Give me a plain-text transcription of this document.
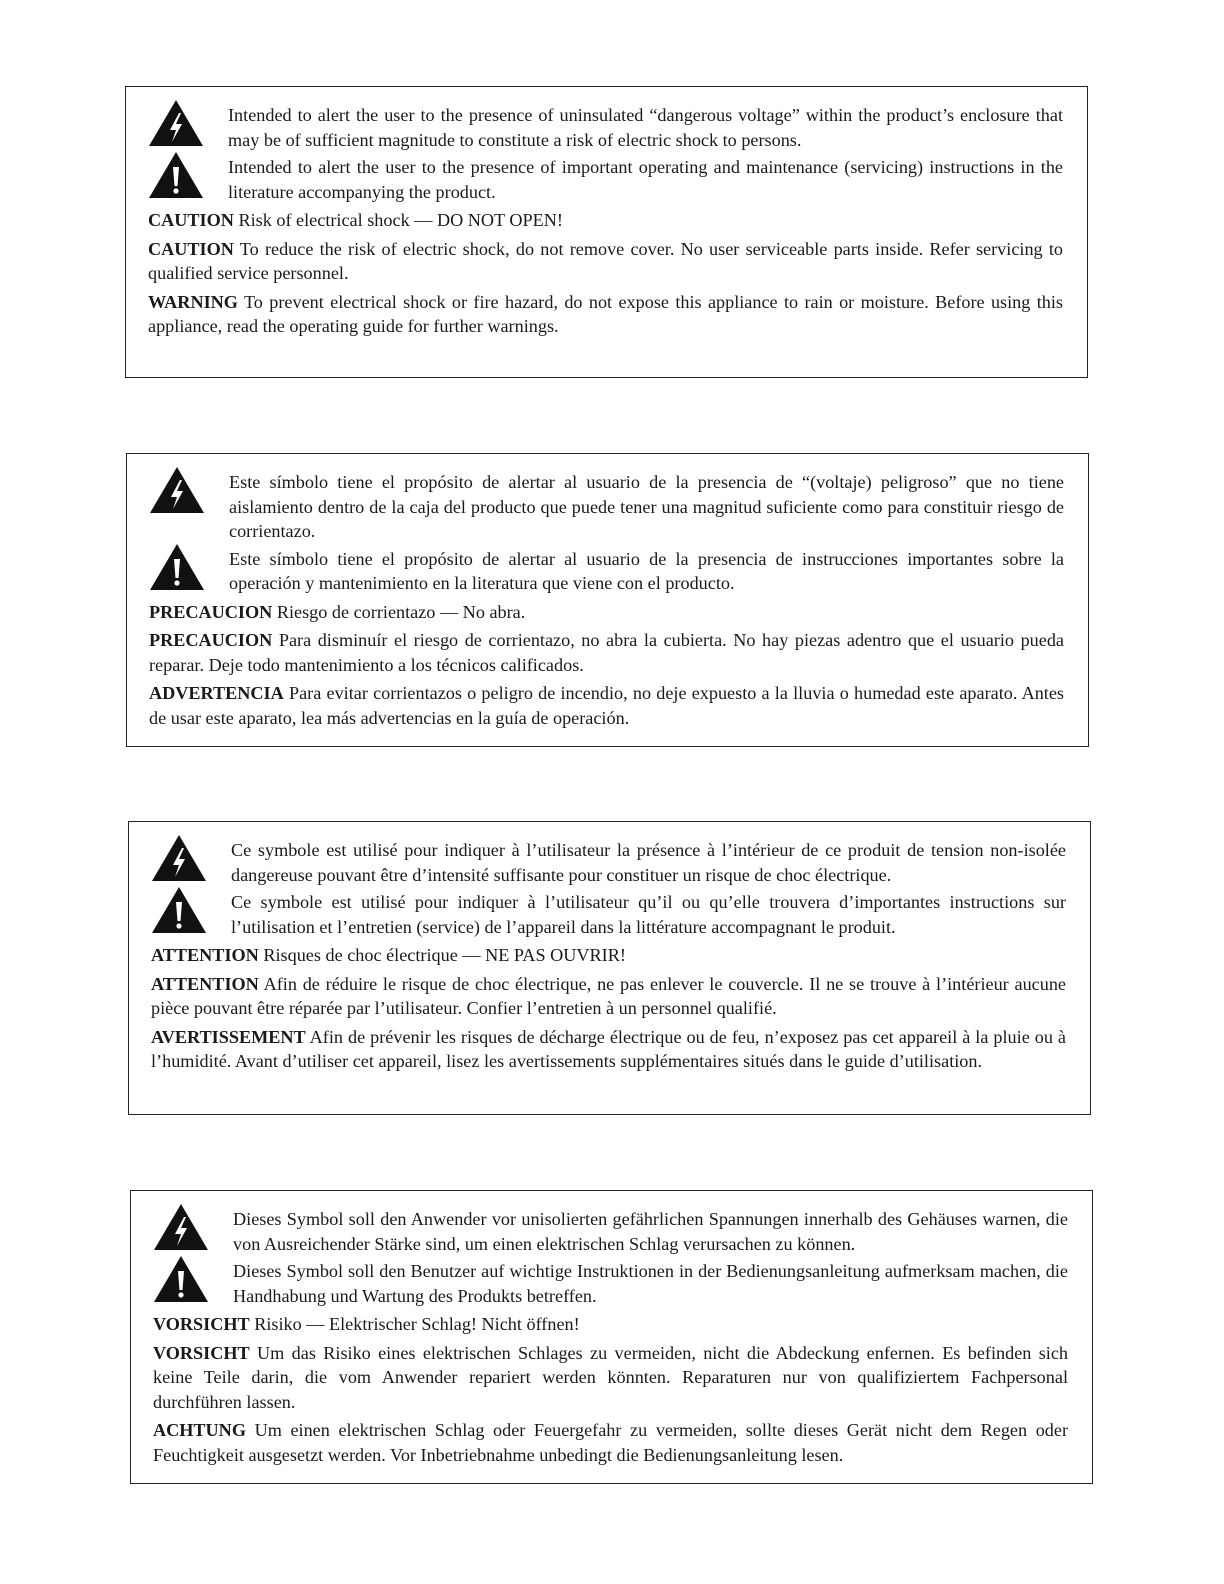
Intended to alert the user to the presence of uninsulated “dangerous voltage” within the product’s enclosure that may be of sufficient magnitude to constitute a risk of electric shock to persons.
Intended to alert the user to the presence of important operating and maintenance (servicing) instructions in the literature accompanying the product.
CAUTION Risk of electrical shock — DO NOT OPEN!
CAUTION To reduce the risk of electric shock, do not remove cover. No user serviceable parts inside. Refer servicing to qualified service personnel.
WARNING To prevent electrical shock or fire hazard, do not expose this appliance to rain or moisture. Before using this appliance, read the operating guide for further warnings.
Este símbolo tiene el propósito de alertar al usuario de la presencia de “(voltaje) peligroso” que no tiene aislamiento dentro de la caja del producto que puede tener una magnitud suficiente como para constituir riesgo de corrientazo.
Este símbolo tiene el propósito de alertar al usuario de la presencia de instrucciones importantes sobre la operación y mantenimiento en la literatura que viene con el producto.
PRECAUCION Riesgo de corrientazo — No abra.
PRECAUCION Para disminuír el riesgo de corrientazo, no abra la cubierta. No hay piezas adentro que el usuario pueda reparar. Deje todo mantenimiento a los técnicos calificados.
ADVERTENCIA Para evitar corrientazos o peligro de incendio, no deje expuesto a la lluvia o humedad este aparato. Antes de usar este aparato, lea más advertencias en la guía de operación.
Ce symbole est utilisé pour indiquer à l’utilisateur la présence à l’intérieur de ce produit de tension non-isolée dangereuse pouvant être d’intensité suffisante pour constituer un risque de choc électrique.
Ce symbole est utilisé pour indiquer à l’utilisateur qu’il ou qu’elle trouvera d’importantes instructions sur l’utilisation et l’entretien (service) de l’appareil dans la littérature accompagnant le produit.
ATTENTION Risques de choc électrique — NE PAS OUVRIR!
ATTENTION Afin de réduire le risque de choc électrique, ne pas enlever le couvercle. Il ne se trouve à l’intérieur aucune pièce pouvant être réparée par l’utilisateur. Confier l’entretien à un personnel qualifié.
AVERTISSEMENT Afin de prévenir les risques de décharge électrique ou de feu, n’exposez pas cet appareil à la pluie ou à l’humidité. Avant d’utiliser cet appareil, lisez les avertissements supplémentaires situés dans le guide d’utilisation.
Dieses Symbol soll den Anwender vor unisolierten gefährlichen Spannungen innerhalb des Gehäuses warnen, die von Ausreichender Stärke sind, um einen elektrischen Schlag verursachen zu können.
Dieses Symbol soll den Benutzer auf wichtige Instruktionen in der Bedienungsanleitung aufmerksam machen, die Handhabung und Wartung des Produkts betreffen.
VORSICHT Risiko — Elektrischer Schlag! Nicht öffnen!
VORSICHT Um das Risiko eines elektrischen Schlages zu vermeiden, nicht die Abdeckung enfernen. Es befinden sich keine Teile darin, die vom Anwender repariert werden könnten. Reparaturen nur von qualifiziertem Fachpersonal durchführen lassen.
ACHTUNG Um einen elektrischen Schlag oder Feuergefahr zu vermeiden, sollte dieses Gerät nicht dem Regen oder Feuchtigkeit ausgesetzt werden. Vor Inbetriebnahme unbedingt die Bedienungsanleitung lesen.
